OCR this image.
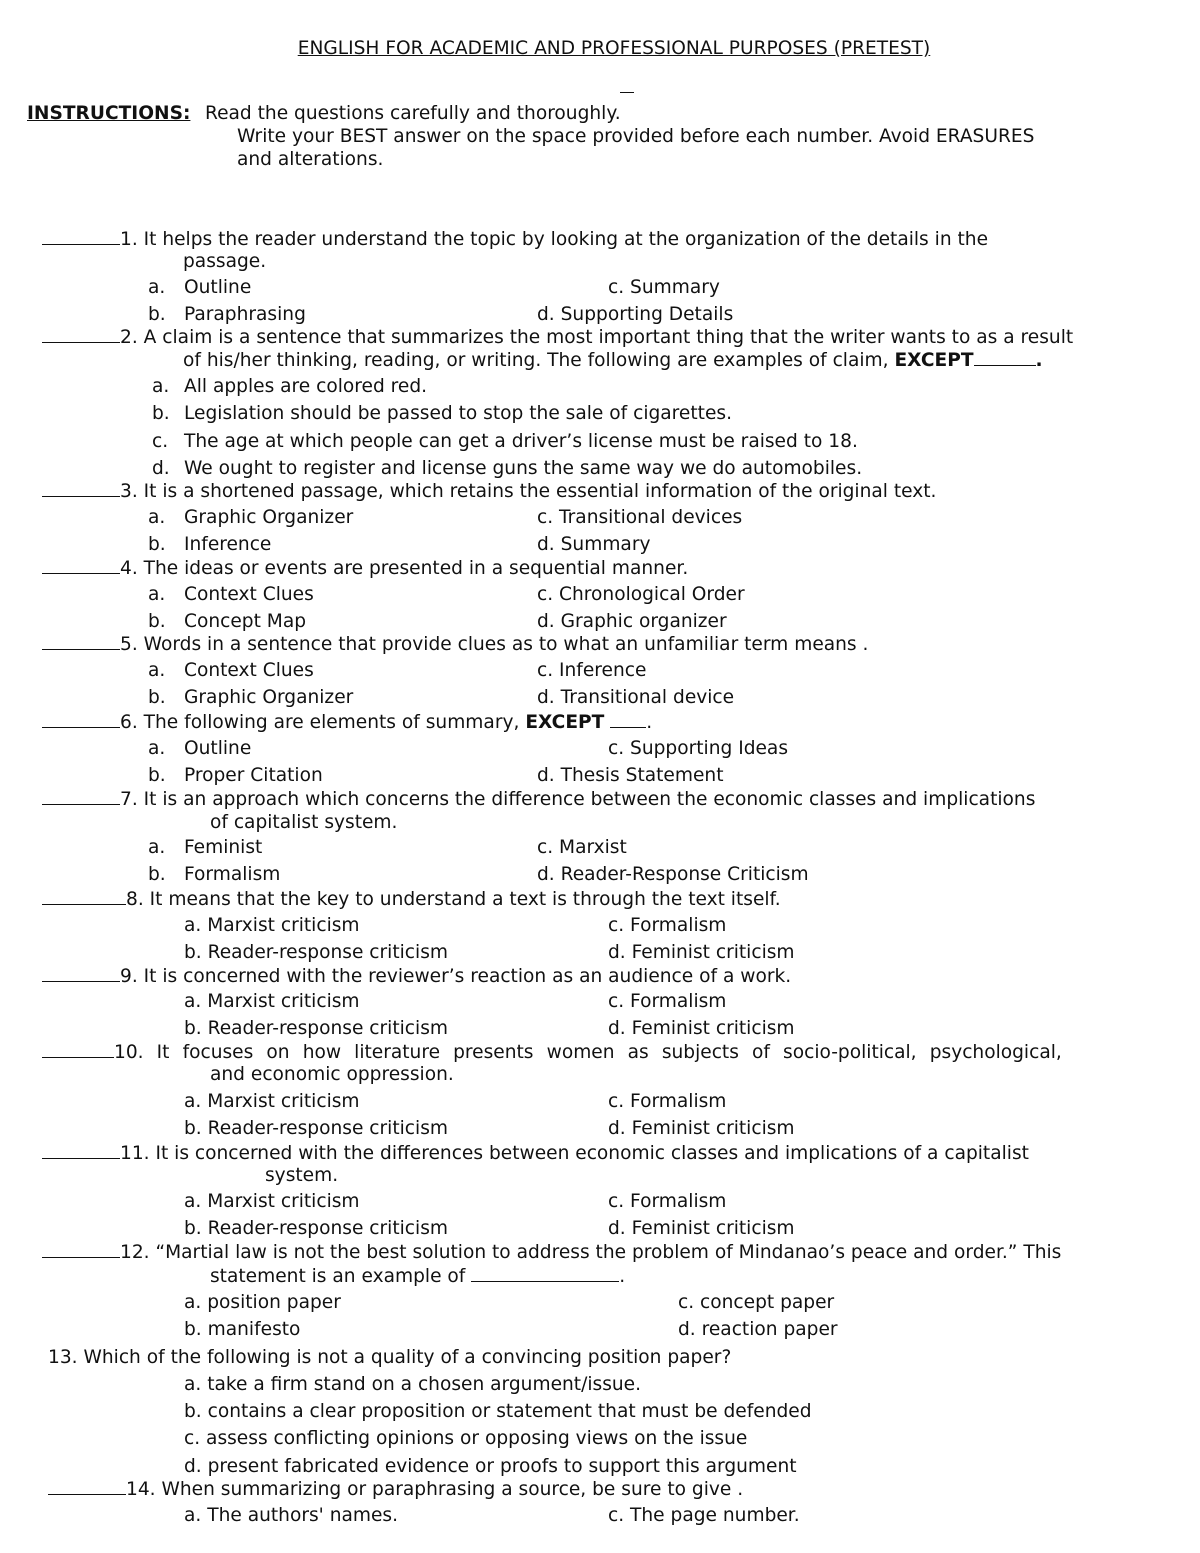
ENGLISH FOR ACADEMIC AND PROFESSIONAL PURPOSES (PRETEST)
INSTRUCTIONS: Read the questions carefully and thoroughly.
Write your BEST answer on the space provided before each number. Avoid ERASURES
and alterations.
1. It helps the reader understand the topic by looking at the organization of the details in the
passage.
a. Outline	c. Summary
b. Paraphrasing	d. Supporting Details
2. A claim is a sentence that summarizes the most important thing that the writer wants to as a result
of his/her thinking, reading, or writing. The following are examples of claim, EXCEPT	.
a. All apples are colored red.
b. Legislation should be passed to stop the sale of cigarettes.
c. The age at which people can get a driver’s license must be raised to 18.
d. We ought to register and license guns the same way we do automobiles.
3. It is a shortened passage, which retains the essential information of the original text.
a. Graphic Organizer	c. Transitional devices
b. Inference	d. Summary
4. The ideas or events are presented in a sequential manner.
a. Context Clues	c. Chronological Order
b. Concept Map	d. Graphic organizer
5. Words in a sentence that provide clues as to what an unfamiliar term means .
a. Context Clues	c. Inference
b. Graphic Organizer	d. Transitional device
6. The following are elements of summary, EXCEPT .
a. Outline	c. Supporting Ideas
b. Proper Citation	d. Thesis Statement
7. It is an approach which concerns the difference between the economic classes and implications
of capitalist system.
a. Feminist	c. Marxist
b. Formalism	d. Reader-Response Criticism
8. It means that the key to understand a text is through the text itself.
a. Marxist criticism	c. Formalism
b. Reader-response criticism	d. Feminist criticism
9. It is concerned with the reviewer’s reaction as an audience of a work.
a. Marxist criticism	c. Formalism
b. Reader-response criticism	d. Feminist criticism
10. It focuses on how literature presents women as subjects of socio-political, psychological,
and economic oppression.
a. Marxist criticism	c. Formalism
b. Reader-response criticism	d. Feminist criticism
11. It is concerned with the differences between economic classes and implications of a capitalist
system.
a. Marxist criticism	c. Formalism
b. Reader-response criticism	d. Feminist criticism
12. “Martial law is not the best solution to address the problem of Mindanao’s peace and order.” This
statement is an example of	.
a. position paper	c. concept paper
b. manifesto	d. reaction paper
13. Which of the following is not a quality of a convincing position paper?
a. take a firm stand on a chosen argument/issue.
b. contains a clear proposition or statement that must be defended
c. assess conflicting opinions or opposing views on the issue
d. present fabricated evidence or proofs to support this argument
14. When summarizing or paraphrasing a source, be sure to give .
a. The authors' names.	c. The page number.
